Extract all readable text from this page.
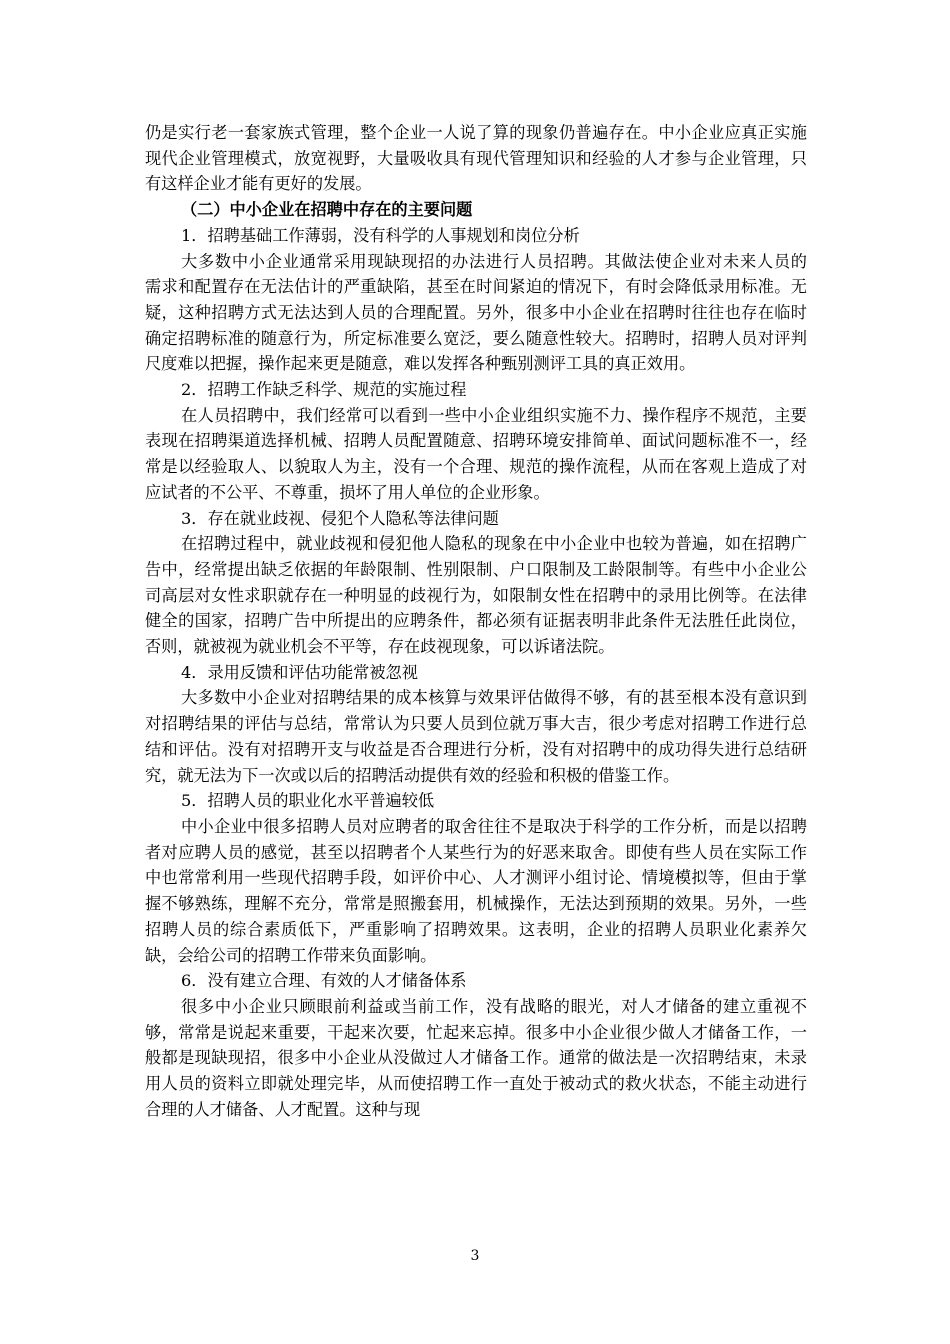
仍是实行老一套家族式管理，整个企业一人说了算的现象仍普遍存在。中小企业应真正实施现代企业管理模式，放宽视野，大量吸收具有现代管理知识和经验的人才参与企业管理，只有这样企业才能有更好的发展。

（二）中小企业在招聘中存在的主要问题

1．招聘基础工作薄弱，没有科学的人事规划和岗位分析

大多数中小企业通常采用现缺现招的办法进行人员招聘。其做法使企业对未来人员的　需求和配置存在无法估计的严重缺陷，甚至在时间紧迫的情况下，有时会降低录用标准。无疑，这种招聘方式无法达到人员的合理配置。另外，很多中小企业在招聘时往往也存在临时确定招聘标准的随意行为，所定标准要么宽泛，要么随意性较大。招聘时，招聘人员对评判尺度难以把握，操作起来更是随意，难以发挥各种甄别测评工具的真正效用。

2．招聘工作缺乏科学、规范的实施过程

在人员招聘中，我们经常可以看到一些中小企业组织实施不力、操作程序不规范，主要表现在招聘渠道选择机械、招聘人员配置随意、招聘环境安排简单、面试问题标准不一，经常是以经验取人、以貌取人为主，没有一个合理、规范的操作流程，从而在客观上造成了对应试者的不公平、不尊重，损坏了用人单位的企业形象。

3．存在就业歧视、侵犯个人隐私等法律问题

在招聘过程中，就业歧视和侵犯他人隐私的现象在中小企业中也较为普遍，如在招聘广告中，经常提出缺乏依据的年龄限制、性别限制、户口限制及工龄限制等。有些中小企业公司高层对女性求职就存在一种明显的歧视行为，如限制女性在招聘中的录用比例等。在法律健全的国家，招聘广告中所提出的应聘条件，都必须有证据表明非此条件无法胜任此岗位，否则，就被视为就业机会不平等，存在歧视现象，可以诉诸法院。

4．录用反馈和评估功能常被忽视

大多数中小企业对招聘结果的成本核算与效果评估做得不够，有的甚至根本没有意识到对招聘结果的评估与总结，常常认为只要人员到位就万事大吉，很少考虑对招聘工作进行总结和评估。没有对招聘开支与收益是否合理进行分析，没有对招聘中的成功得失进行总结研究，就无法为下一次或以后的招聘活动提供有效的经验和积极的借鉴工作。

5．招聘人员的职业化水平普遍较低

中小企业中很多招聘人员对应聘者的取舍往往不是取决于科学的工作分析，而是以招聘者对应聘人员的感觉，甚至以招聘者个人某些行为的好恶来取舍。即使有些人员在实际工作中也常常利用一些现代招聘手段，如评价中心、人才测评小组讨论、情境模拟等，但由于掌握不够熟练，理解不充分，常常是照搬套用，机械操作，无法达到预期的效果。另外，一些招聘人员的综合素质低下，严重影响了招聘效果。这表明，企业的招聘人员职业化素养欠缺，会给公司的招聘工作带来负面影响。

6．没有建立合理、有效的人才储备体系

很多中小企业只顾眼前利益或当前工作，没有战略的眼光，对人才储备的建立重视不够，常常是说起来重要，干起来次要，忙起来忘掉。很多中小企业很少做人才储备工作，一般都是现缺现招，很多中小企业从没做过人才储备工作。通常的做法是一次招聘结束，未录用人员的资料立即就处理完毕，从而使招聘工作一直处于被动式的救火状态，不能主动进行合理的人才储备、人才配置。这种与现

3
